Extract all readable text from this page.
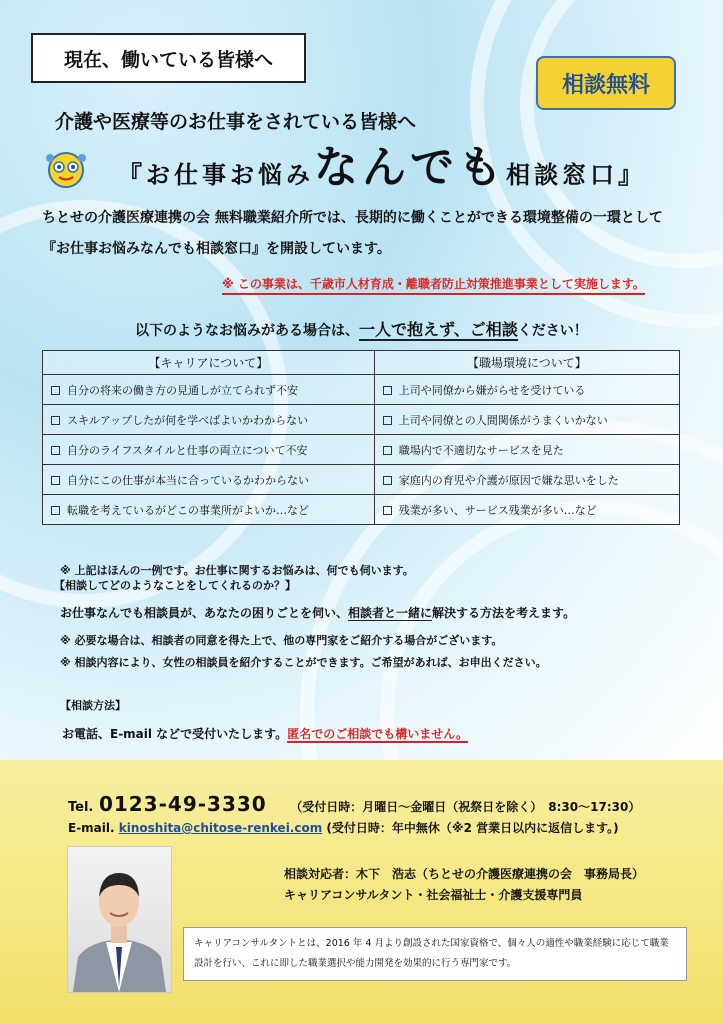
現在、働いている皆様へ
相談無料
介護や医療等のお仕事をされている皆様へ
『お仕事お悩み なんでも 相談窓口』
ちとせの介護医療連携の会 無料職業紹介所では、長期的に働くことができる環境整備の一環として
『お仕事お悩みなんでも相談窓口』を開設しています。
※ この事業は、千歳市人材育成・離職者防止対策推進事業として実施します。
以下のようなお悩みがある場合は、一人で抱えず、ご相談ください！
【キャリアについて】	【職場環境について】
自分の将来の働き方の見通しが立てられず不安	上司や同僚から嫌がらせを受けている
スキルアップしたが何を学べばよいかわからない	上司や同僚との人間関係がうまくいかない
自分のライフスタイルと仕事の両立について不安	職場内で不適切なサービスを見た
自分にこの仕事が本当に合っているかわからない	家庭内の育児や介護が原因で嫌な思いをした
転職を考えているがどこの事業所がよいか…など	残業が多い、サービス残業が多い…など
※ 上記はほんの一例です。お仕事に関するお悩みは、何でも伺います。
【相談してどのようなことをしてくれるのか？】
お仕事なんでも相談員が、あなたの困りごとを伺い、相談者と一緒に解決する方法を考えます。
※ 必要な場合は、相談者の同意を得た上で、他の専門家をご紹介する場合がございます。
※ 相談内容により、女性の相談員を紹介することができます。ご希望があれば、お申出ください。
【相談方法】
お電話、E-mail などで受付いたします。匿名でのご相談でも構いません。
Tel. 0123-49-3330 （受付日時：月曜日〜金曜日（祝祭日を除く）　8:30〜17:30）
E-mail. kinoshita@chitose-renkei.com (受付日時：年中無休（※2 営業日以内に返信します。)
相談対応者：木下　浩志（ちとせの介護医療連携の会　事務局長）
キャリアコンサルタント・社会福祉士・介護支援専門員
キャリアコンサルタントとは、2016 年 4 月より創設された国家資格で、個々人の適性や職業経験に応じて職業
設計を行い、これに即した職業選択や能力開発を効果的に行う専門家です。
